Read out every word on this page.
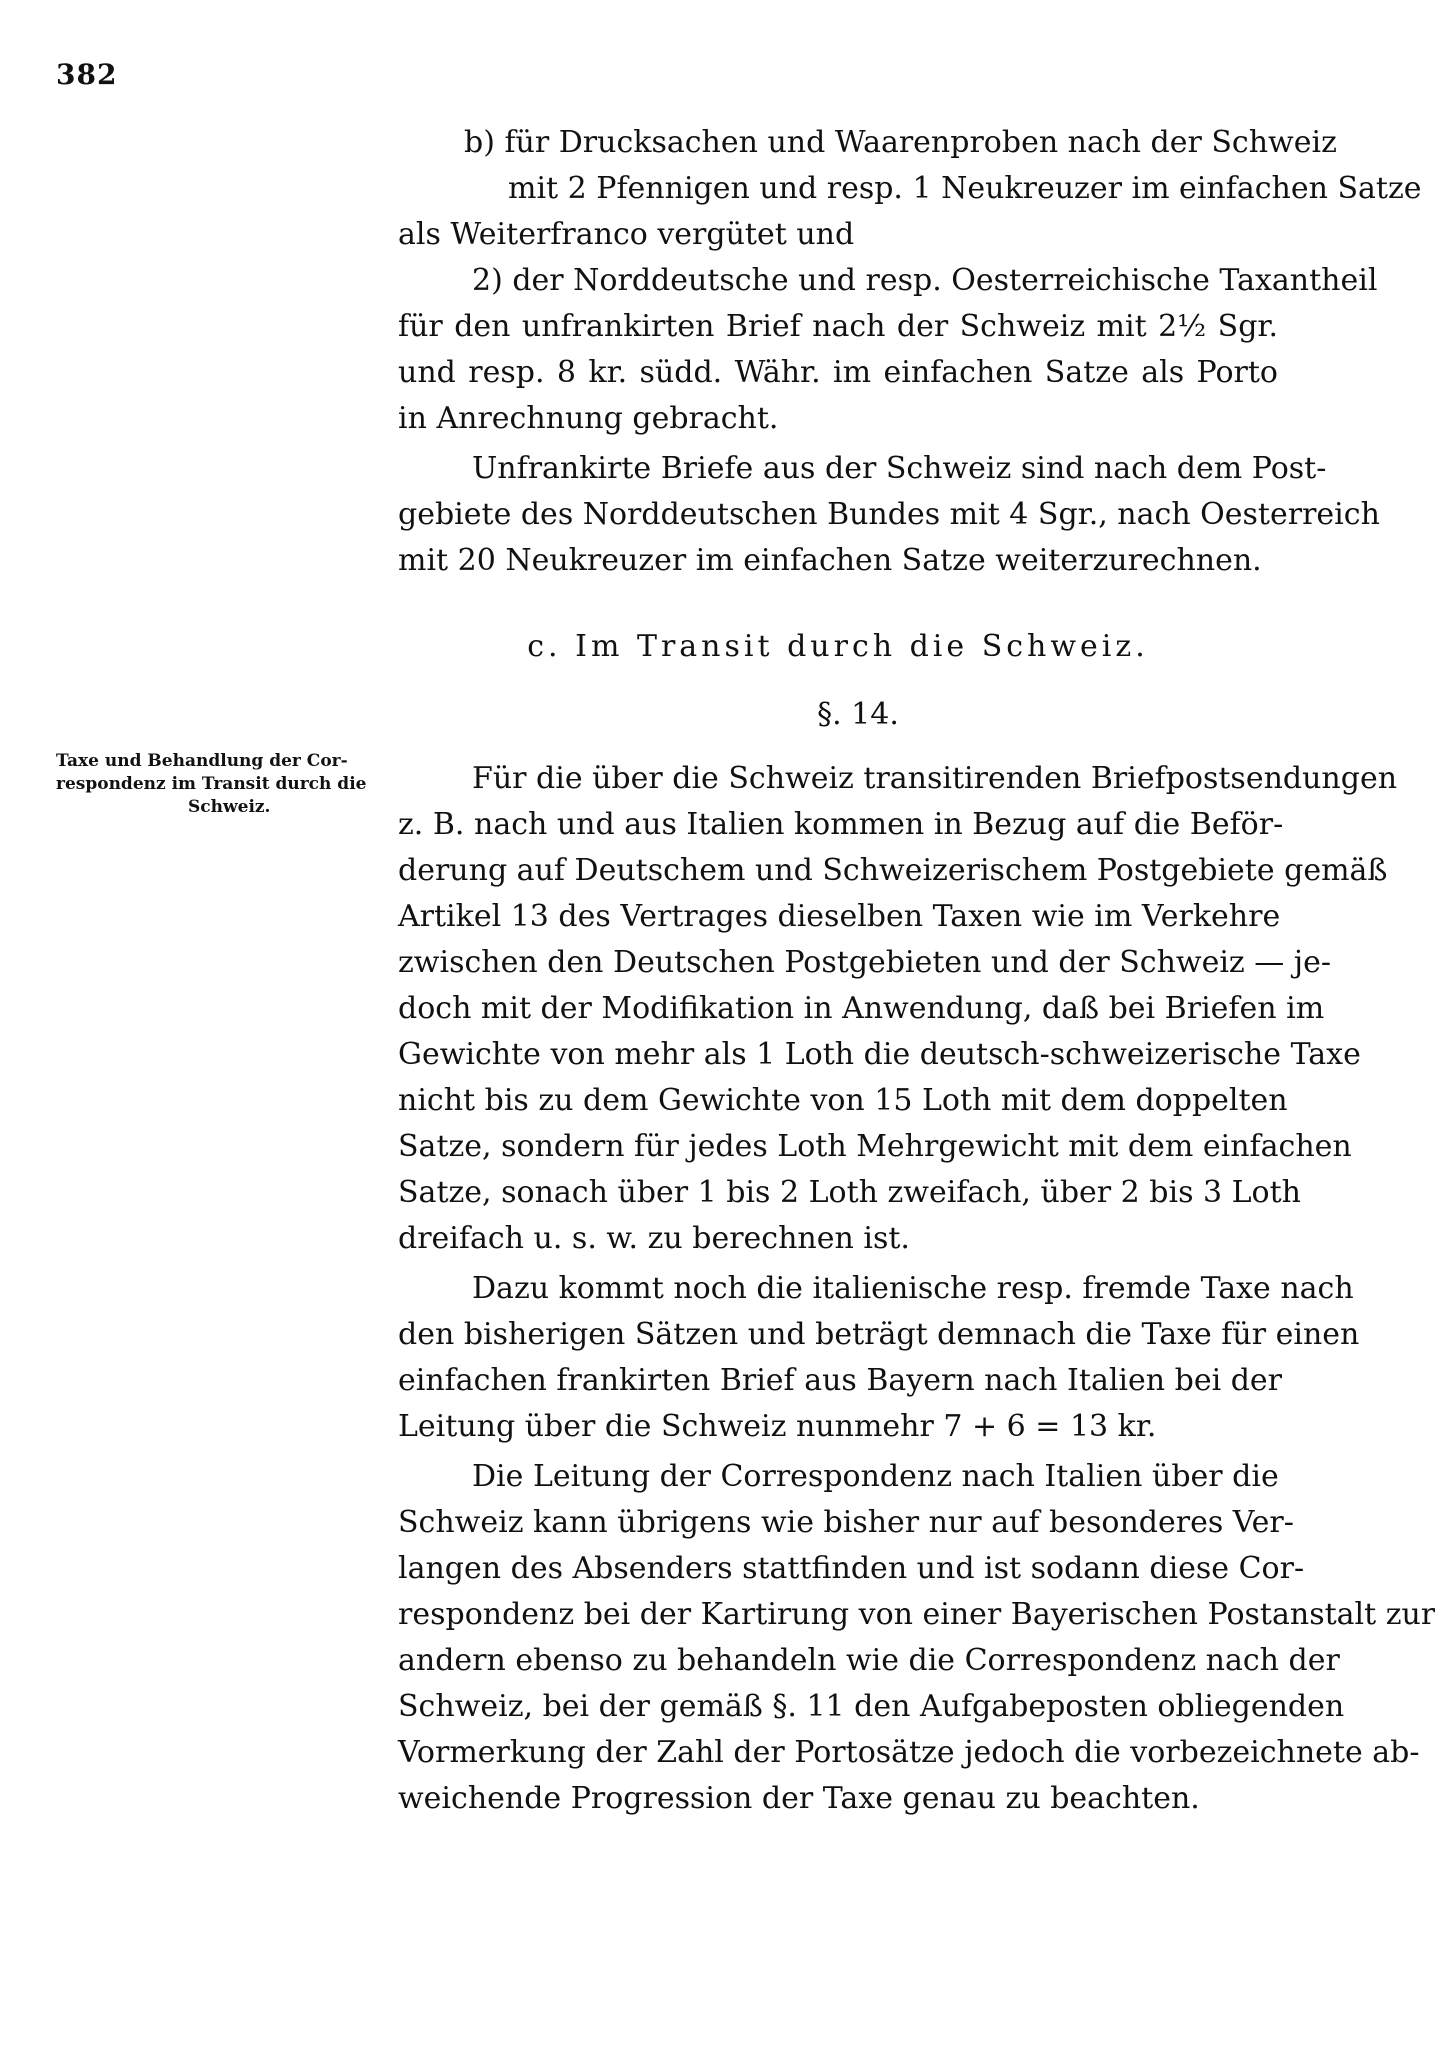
382
b) für Drucksachen und Waarenproben nach der Schweiz
mit 2 Pfennigen und resp. 1 Neukreuzer im einfachen Satze
als Weiterfranco vergütet und
2) der Norddeutsche und resp. Oesterreichische Taxantheil
für den unfrankirten Brief nach der Schweiz mit 2½ Sgr.
und resp. 8 kr. südd. Währ. im einfachen Satze als Porto
in Anrechnung gebracht.
Unfrankirte Briefe aus der Schweiz sind nach dem Post-
gebiete des Norddeutschen Bundes mit 4 Sgr., nach Oesterreich
mit 20 Neukreuzer im einfachen Satze weiterzurechnen.
c. Im Transit durch die Schweiz.
§. 14.
Für die über die Schweiz transitirenden Briefpostsendungen
z. B. nach und aus Italien kommen in Bezug auf die Beför-
derung auf Deutschem und Schweizerischem Postgebiete gemäß
Artikel 13 des Vertrages dieselben Taxen wie im Verkehre
zwischen den Deutschen Postgebieten und der Schweiz — je-
doch mit der Modifikation in Anwendung, daß bei Briefen im
Gewichte von mehr als 1 Loth die deutsch-schweizerische Taxe
nicht bis zu dem Gewichte von 15 Loth mit dem doppelten
Satze, sondern für jedes Loth Mehrgewicht mit dem einfachen
Satze, sonach über 1 bis 2 Loth zweifach, über 2 bis 3 Loth
dreifach u. s. w. zu berechnen ist.
Dazu kommt noch die italienische resp. fremde Taxe nach
den bisherigen Sätzen und beträgt demnach die Taxe für einen
einfachen frankirten Brief aus Bayern nach Italien bei der
Leitung über die Schweiz nunmehr 7 + 6 = 13 kr.
Die Leitung der Correspondenz nach Italien über die
Schweiz kann übrigens wie bisher nur auf besonderes Ver-
langen des Absenders stattfinden und ist sodann diese Cor-
respondenz bei der Kartirung von einer Bayerischen Postanstalt zur
andern ebenso zu behandeln wie die Correspondenz nach der
Schweiz, bei der gemäß §. 11 den Aufgabeposten obliegenden
Vormerkung der Zahl der Portosätze jedoch die vorbezeichnete ab-
weichende Progression der Taxe genau zu beachten.
Taxe und Behandlung der Cor-
respondenz im Transit durch die
Schweiz.
